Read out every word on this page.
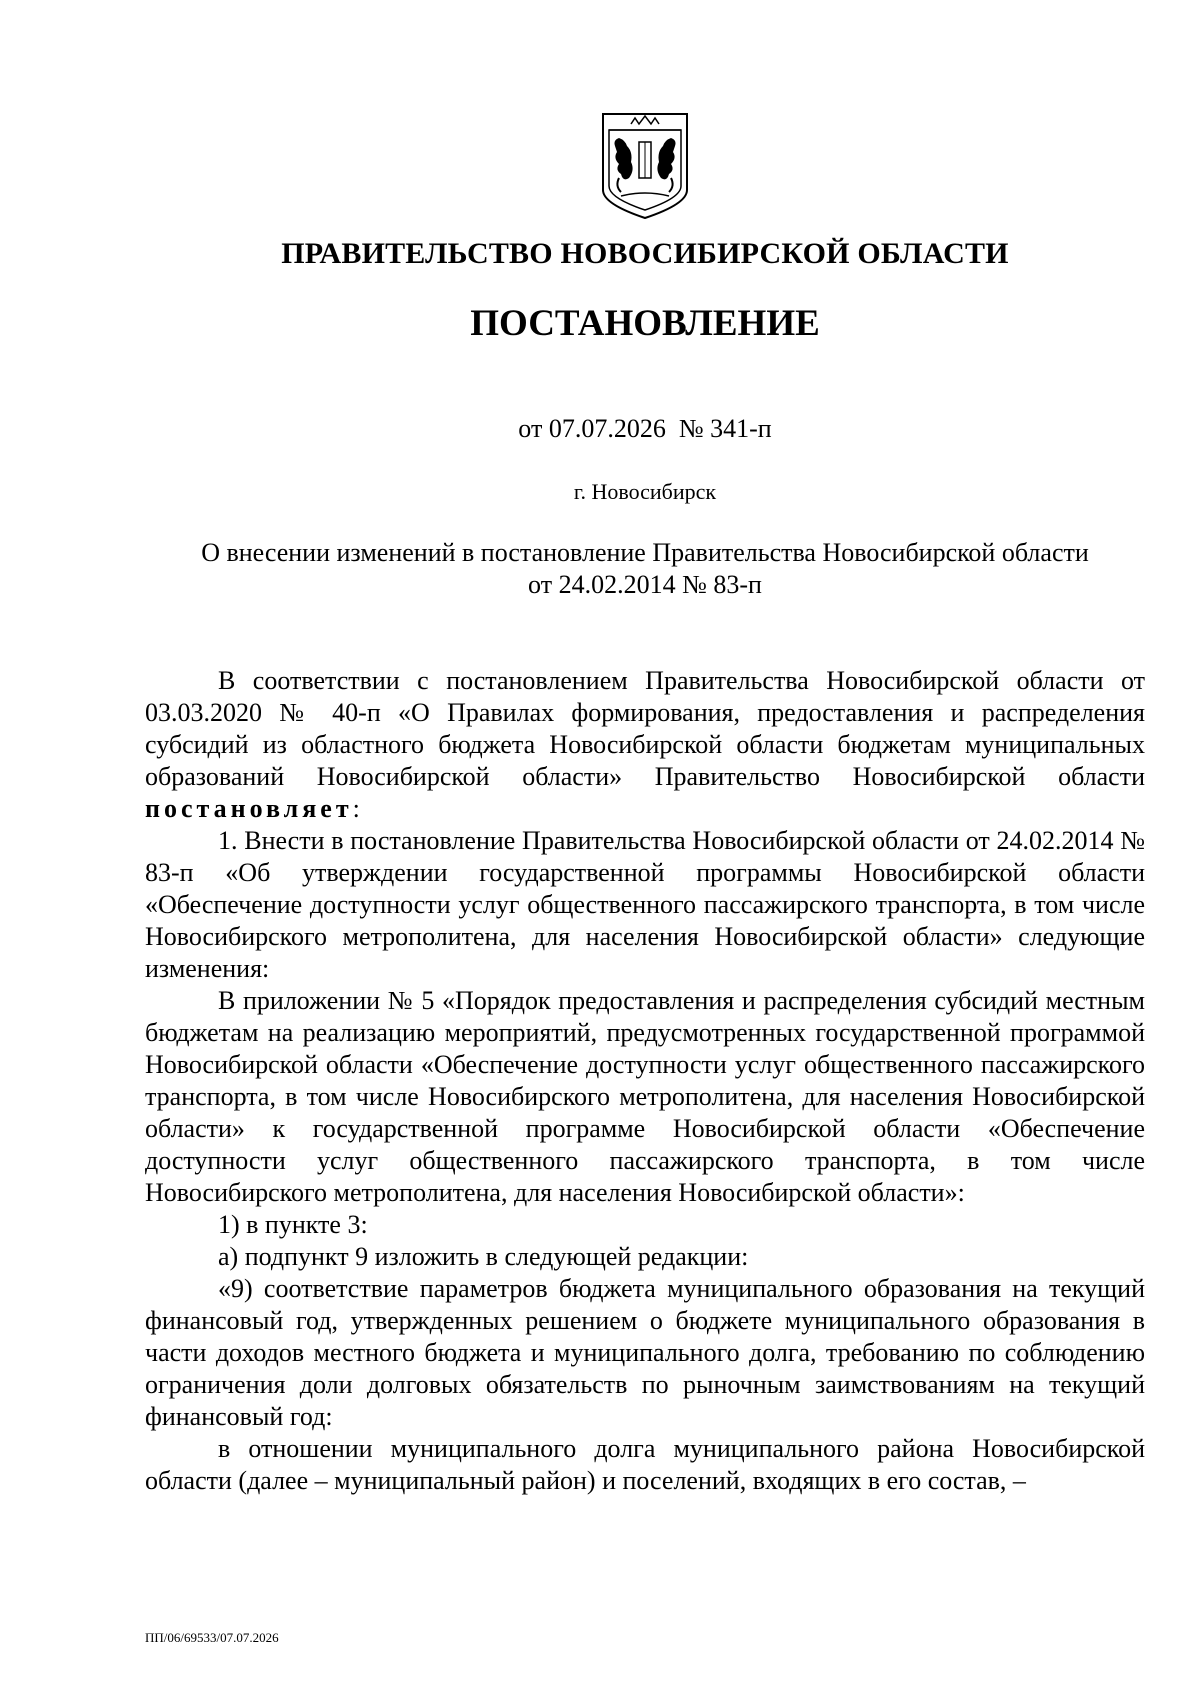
ПРАВИТЕЛЬСТВО НОВОСИБИРСКОЙ ОБЛАСТИ
ПОСТАНОВЛЕНИЕ
от 07.07.2026  № 341-п
г. Новосибирск
О внесении изменений в постановление Правительства Новосибирской области
от 24.02.2014 № 83-п

В соответствии с постановлением Правительства Новосибирской области от 03.03.2020 № 40-п «О Правилах формирования, предоставления и распределения субсидий из областного бюджета Новосибирской области бюджетам муниципальных образований Новосибирской области» Правительство Новосибирской области постановляет:

1. Внести в постановление Правительства Новосибирской области от 24.02.2014 № 83-п «Об утверждении государственной программы Новосибирской области «Обеспечение доступности услуг общественного пассажирского транспорта, в том числе Новосибирского метрополитена, для населения Новосибирской области» следующие изменения:

В приложении № 5 «Порядок предоставления и распределения субсидий местным бюджетам на реализацию мероприятий, предусмотренных государственной программой Новосибирской области «Обеспечение доступности услуг общественного пассажирского транспорта, в том числе Новосибирского метрополитена, для населения Новосибирской области» к государственной программе Новосибирской области «Обеспечение доступности услуг общественного пассажирского транспорта, в том числе Новосибирского метрополитена, для населения Новосибирской области»:

1) в пункте 3:

а) подпункт 9 изложить в следующей редакции:

«9) соответствие параметров бюджета муниципального образования на текущий финансовый год, утвержденных решением о бюджете муниципального образования в части доходов местного бюджета и муниципального долга, требованию по соблюдению ограничения доли долговых обязательств по рыночным заимствованиям на текущий финансовый год:

в отношении муниципального долга муниципального района Новосибирской области (далее – муниципальный район) и поселений, входящих в его состав, –

ПП/06/69533/07.07.2026
